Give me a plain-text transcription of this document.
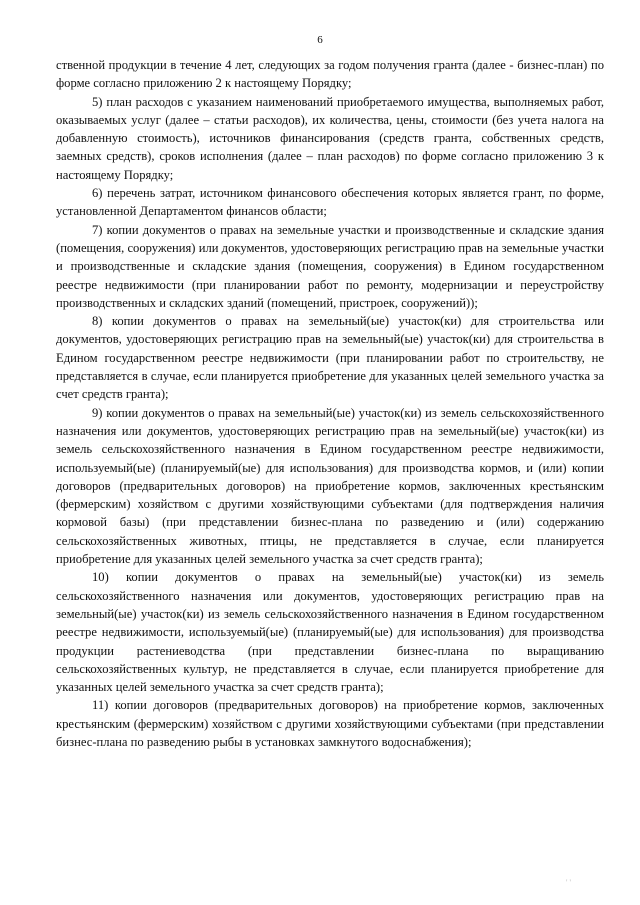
6

ственной продукции в течение 4 лет, следующих за годом получения гранта (далее - бизнес-план) по форме согласно приложению 2 к настоящему Порядку;

5) план расходов с указанием наименований приобретаемого имущества, выполняемых работ, оказываемых услуг (далее – статьи расходов), их количества, цены, стоимости (без учета налога на добавленную стоимость), источников финансирования (средств гранта, собственных средств, заемных средств), сроков исполнения (далее – план расходов) по форме согласно приложению 3 к настоящему Порядку;

6) перечень затрат, источником финансового обеспечения которых является грант, по форме, установленной Департаментом финансов области;

7) копии документов о правах на земельные участки и производственные и складские здания (помещения, сооружения) или документов, удостоверяющих регистрацию прав на земельные участки и производственные и складские здания (помещения, сооружения) в Едином государственном реестре недвижимости (при планировании работ по ремонту, модернизации и переустройству производственных и складских зданий (помещений, пристроек, сооружений));

8) копии документов о правах на земельный(ые) участок(ки) для строительства или документов, удостоверяющих регистрацию прав на земельный(ые) участок(ки) для строительства в Едином государственном реестре недвижимости (при планировании работ по строительству, не представляется в случае, если планируется приобретение для указанных целей земельного участка за счет средств гранта);

9) копии документов о правах на земельный(ые) участок(ки) из земель сельскохозяйственного назначения или документов, удостоверяющих регистрацию прав на земельный(ые) участок(ки) из земель сельскохозяйственного назначения в Едином государственном реестре недвижимости, используемый(ые) (планируемый(ые) для использования) для производства кормов, и (или) копии договоров (предварительных договоров) на приобретение кормов, заключенных крестьянским (фермерским) хозяйством с другими хозяйствующими субъектами (для подтверждения наличия кормовой базы) (при представлении бизнес-плана по разведению и (или) содержанию сельскохозяйственных животных, птицы, не представляется в случае, если планируется приобретение для указанных целей земельного участка за счет средств гранта);

10) копии документов о правах на земельный(ые) участок(ки) из земель сельскохозяйственного назначения или документов, удостоверяющих регистрацию прав на земельный(ые) участок(ки) из земель сельскохозяйственного назначения в Едином государственном реестре недвижимости, используемый(ые) (планируемый(ые) для использования) для производства продукции растениеводства (при представлении бизнес-плана по выращиванию сельскохозяйственных культур, не представляется в случае, если планируется приобретение для указанных целей земельного участка за счет средств гранта);

11) копии договоров (предварительных договоров) на приобретение кормов, заключенных крестьянским (фермерским) хозяйством с другими хозяйствующими субъектами (при представлении бизнес-плана по разведению рыбы в установках замкнутого водоснабжения);

' '
